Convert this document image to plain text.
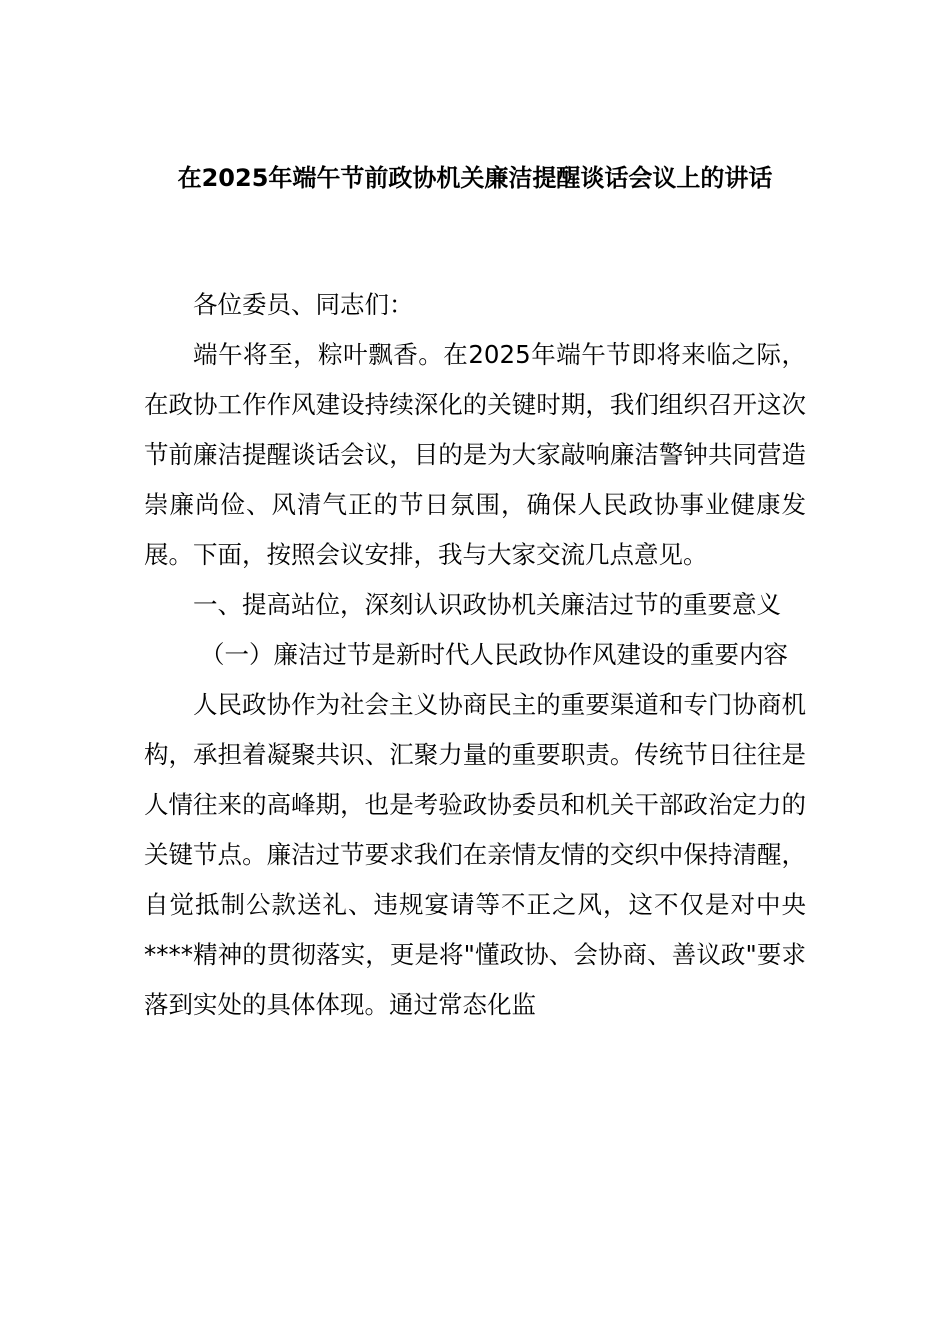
在2025年端午节前政协机关廉洁提醒谈话会议上的讲话

各位委员、同志们：

端午将至，粽叶飘香。在2025年端午节即将来临之际，在政协工作作风建设持续深化的关键时期，我们组织召开这次节前廉洁提醒谈话会议，目的是为大家敲响廉洁警钟共同营造崇廉尚俭、风清气正的节日氛围，确保人民政协事业健康发展。下面，按照会议安排，我与大家交流几点意见。

一、提高站位，深刻认识政协机关廉洁过节的重要意义

（一）廉洁过节是新时代人民政协作风建设的重要内容

人民政协作为社会主义协商民主的重要渠道和专门协商机构，承担着凝聚共识、汇聚力量的重要职责。传统节日往往是人情往来的高峰期，也是考验政协委员和机关干部政治定力的关键节点。廉洁过节要求我们在亲情友情的交织中保持清醒，自觉抵制公款送礼、违规宴请等不正之风，这不仅是对中央****精神的贯彻落实，更是将"懂政协、会协商、善议政"要求落到实处的具体体现。通过常态化监
